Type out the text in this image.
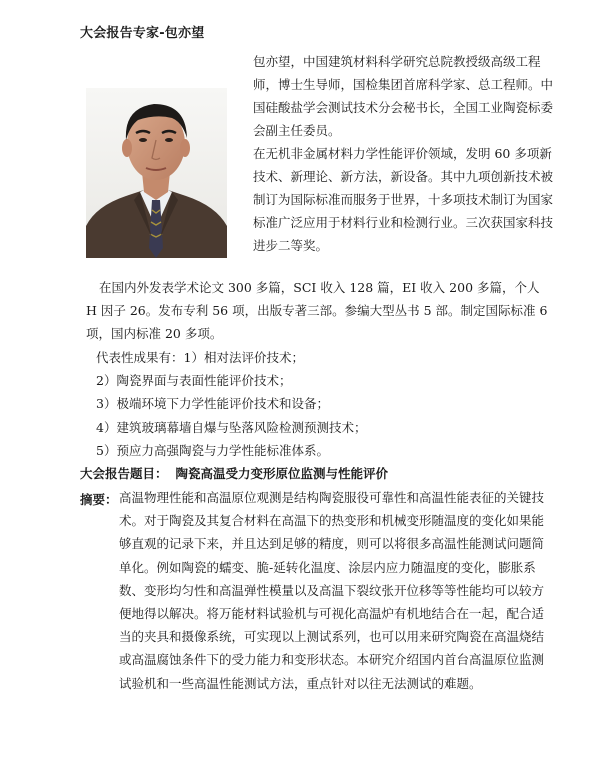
大会报告专家-包亦望

包亦望，中国建筑材料科学研究总院教授级高级工程师，博士生导师，国检集团首席科学家、总工程师。中国硅酸盐学会测试技术分会秘书长，全国工业陶瓷标委会副主任委员。

在无机非金属材料力学性能评价领域，发明 60 多项新技术、新理论、新方法，新设备。其中九项创新技术被制订为国际标准而服务于世界，十多项技术制订为国家标准广泛应用于材料行业和检测行业。三次获国家科技进步二等奖。

在国内外发表学术论文 300 多篇，SCI 收入 128 篇，EI 收入 200 多篇，个人 H 因子 26。发布专利 56 项，出版专著三部。参编大型丛书 5 部。制定国际标准 6 项，国内标准 20 多项。
代表性成果有：1）相对法评价技术；
2）陶瓷界面与表面性能评价技术；
3）极端环境下力学性能评价技术和设备；
4）建筑玻璃幕墙自爆与坠落风险检测预测技术；
5）预应力高强陶瓷与力学性能标准体系。
大会报告题目： 陶瓷高温受力变形原位监测与性能评价
摘要： 高温物理性能和高温原位观测是结构陶瓷服役可靠性和高温性能表征的关键技术。对于陶瓷及其复合材料在高温下的热变形和机械变形随温度的变化如果能够直观的记录下来，并且达到足够的精度，则可以将很多高温性能测试问题简单化。例如陶瓷的蠕变、脆-延转化温度、涂层内应力随温度的变化，膨胀系数、变形均匀性和高温弹性模量以及高温下裂纹张开位移等等性能均可以较方便地得以解决。将万能材料试验机与可视化高温炉有机地结合在一起，配合适当的夹具和摄像系统，可实现以上测试系列，也可以用来研究陶瓷在高温烧结或高温腐蚀条件下的受力能力和变形状态。本研究介绍国内首台高温原位监测试验机和一些高温性能测试方法，重点针对以往无法测试的难题。
